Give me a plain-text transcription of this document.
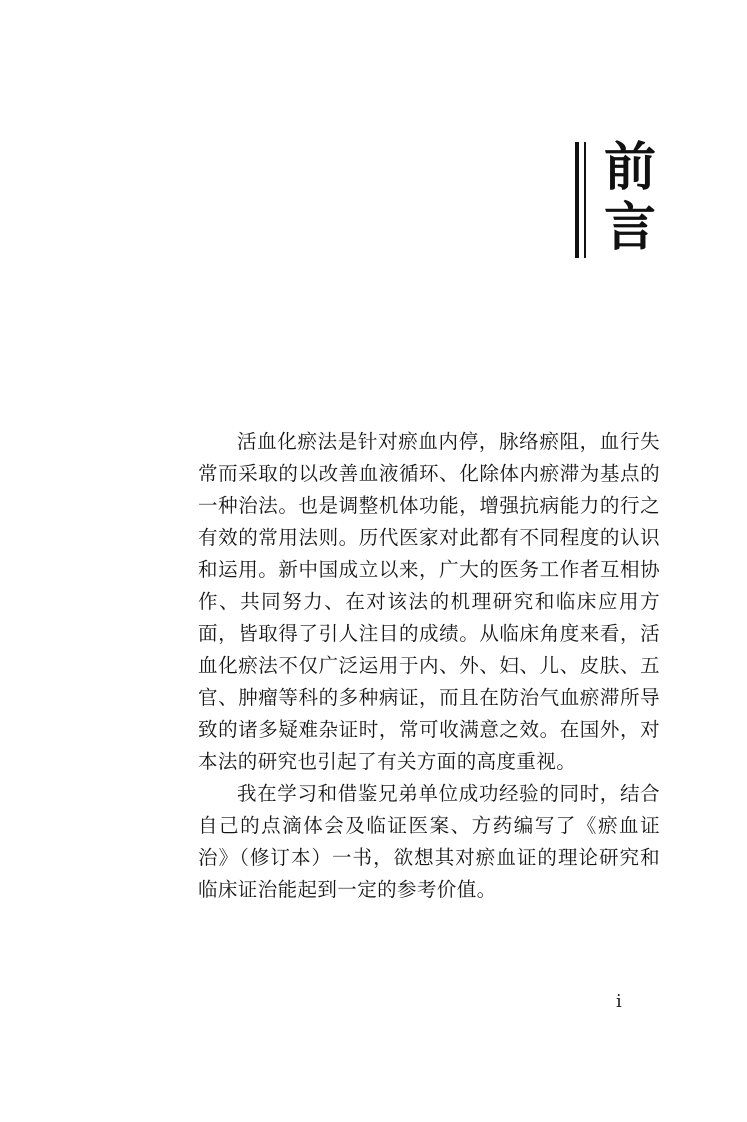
前
言

活血化瘀法是针对瘀血内停，脉络瘀阻，血行失常而采取的以改善血液循环、化除体内瘀滞为基点的一种治法。也是调整机体功能，增强抗病能力的行之有效的常用法则。历代医家对此都有不同程度的认识和运用。新中国成立以来，广大的医务工作者互相协作、共同努力、在对该法的机理研究和临床应用方面，皆取得了引人注目的成绩。从临床角度来看，活血化瘀法不仅广泛运用于内、外、妇、儿、皮肤、五官、肿瘤等科的多种病证，而且在防治气血瘀滞所导致的诸多疑难杂证时，常可收满意之效。在国外，对本法的研究也引起了有关方面的高度重视。

我在学习和借鉴兄弟单位成功经验的同时，结合自己的点滴体会及临证医案、方药编写了《瘀血证治》（修订本）一书，欲想其对瘀血证的理论研究和临床证治能起到一定的参考价值。

i
